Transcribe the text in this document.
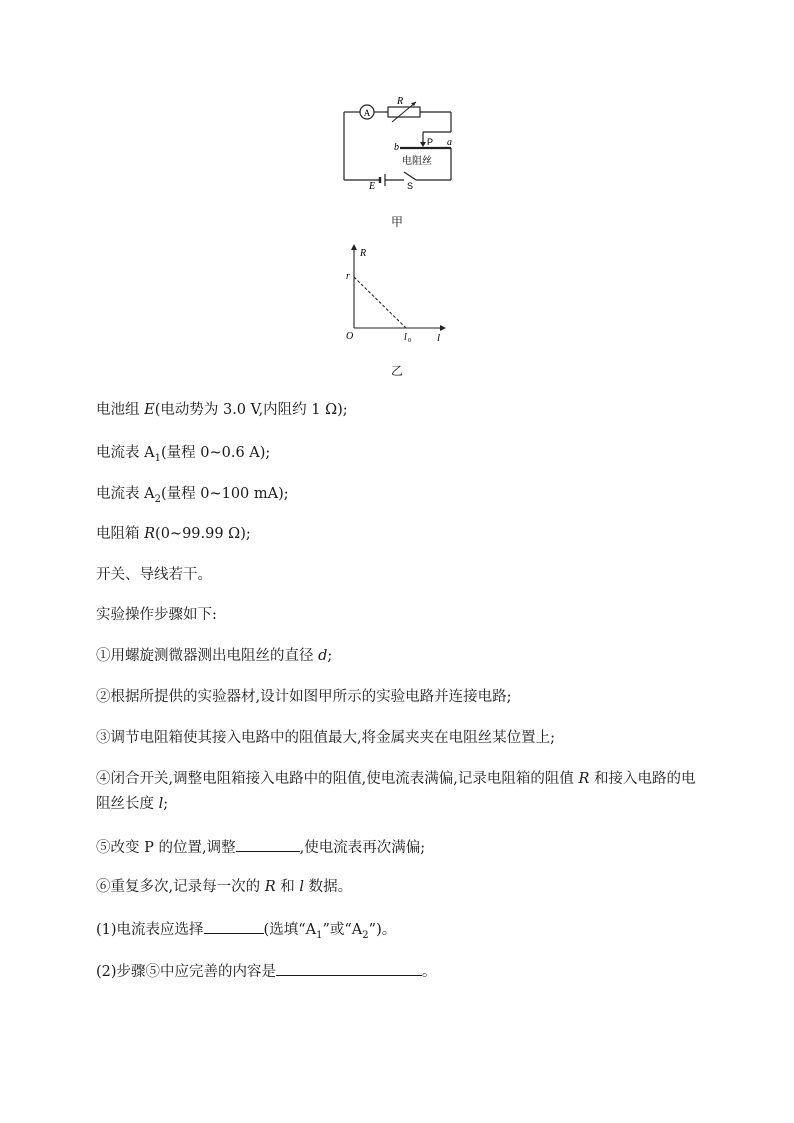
A
R
P a
b
电阻丝
E	S
甲
R
r
O	l 0 l
乙
电池组 E(电动势为 3.0 V,内阻约 1 Ω);
电流表 $A_1$(量程 0~0.6 A);
电流表 $A_2$(量程 0~100 mA);
电阻箱 R(0~99.99 Ω);
开关、导线若干。
实验操作步骤如下:
①用螺旋测微器测出电阻丝的直径 d;
②根据所提供的实验器材,设计如图甲所示的实验电路并连接电路;
③调节电阻箱使其接入电路中的阻值最大,将金属夹夹在电阻丝某位置上;
④闭合开关,调整电阻箱接入电路中的阻值,使电流表满偏,记录电阻箱的阻值 R 和接入电路的电阻丝长度 l;
⑤改变 P 的位置,调整	,使电流表再次满偏;
⑥重复多次,记录每一次的 R 和 l 数据。
(1)电流表应选择	(选填“$A_1$”或“$A_2$”)。
(2)步骤⑤中应完善的内容是	。
